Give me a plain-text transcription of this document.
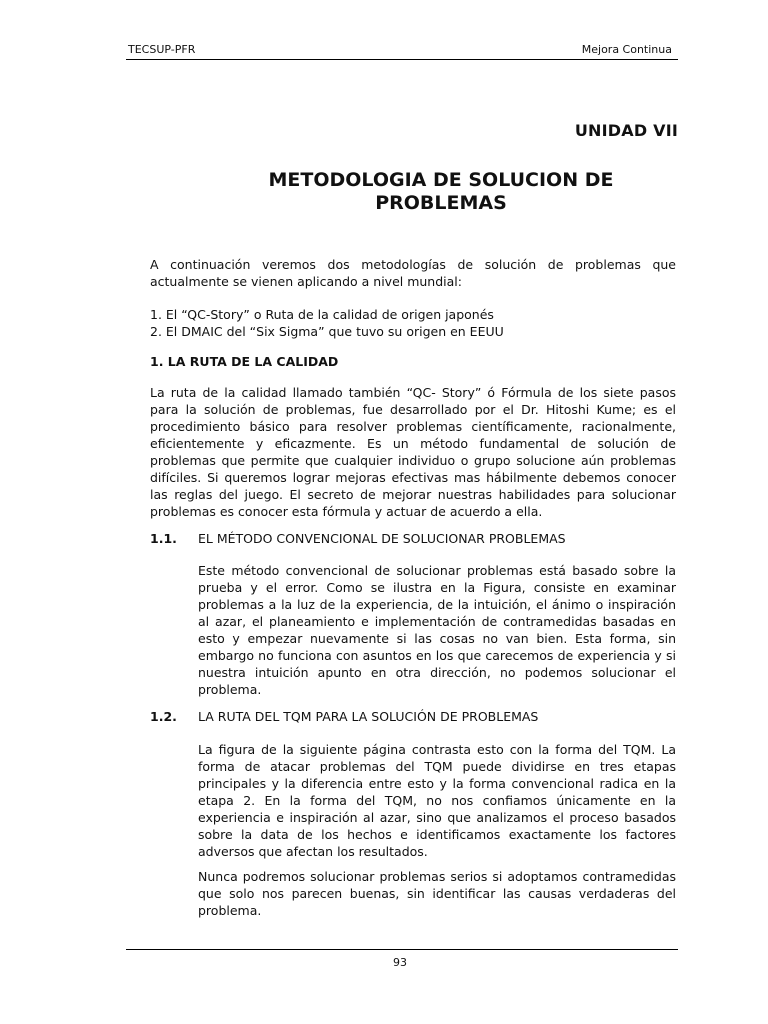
TECSUP-PFR	Mejora Continua
UNIDAD VII
METODOLOGIA DE SOLUCION DE
PROBLEMAS

A continuación veremos dos metodologías de solución de problemas que actualmente se vienen aplicando a nivel mundial:

1. El “QC-Story” o Ruta de la calidad de origen japonés
2. El DMAIC del “Six Sigma” que tuvo su origen en EEUU
1. LA RUTA DE LA CALIDAD

La ruta de la calidad llamado también “QC- Story” ó Fórmula de los siete pasos para la solución de problemas, fue desarrollado por el Dr. Hitoshi Kume; es el procedimiento básico para resolver problemas científicamente, racionalmente, eficientemente y eficazmente. Es un método fundamental de solución de problemas que permite que cualquier individuo o grupo solucione aún problemas difíciles. Si queremos lograr mejoras efectivas mas hábilmente debemos conocer las reglas del juego. El secreto de mejorar nuestras habilidades para solucionar problemas es conocer esta fórmula y actuar de acuerdo a ella.

1.1. EL MÉTODO CONVENCIONAL DE SOLUCIONAR PROBLEMAS

Este método convencional de solucionar problemas está basado sobre la prueba y el error. Como se ilustra en la Figura, consiste en examinar problemas a la luz de la experiencia, de la intuición, el ánimo o inspiración al azar, el planeamiento e implementación de contramedidas basadas en esto y empezar nuevamente si las cosas no van bien. Esta forma, sin embargo no funciona con asuntos en los que carecemos de experiencia y si nuestra intuición apunto en otra dirección, no podemos solucionar el problema.

1.2. LA RUTA DEL TQM PARA LA SOLUCIÓN DE PROBLEMAS

La figura de la siguiente página contrasta esto con la forma del TQM. La forma de atacar problemas del TQM puede dividirse en tres etapas principales y la diferencia entre esto y la forma convencional radica en la etapa 2. En la forma del TQM, no nos confiamos únicamente en la experiencia e inspiración al azar, sino que analizamos el proceso basados sobre la data de los hechos e identificamos exactamente los factores adversos que afectan los resultados.

Nunca podremos solucionar problemas serios si adoptamos contramedidas que solo nos parecen buenas, sin identificar las causas verdaderas del problema.

93
